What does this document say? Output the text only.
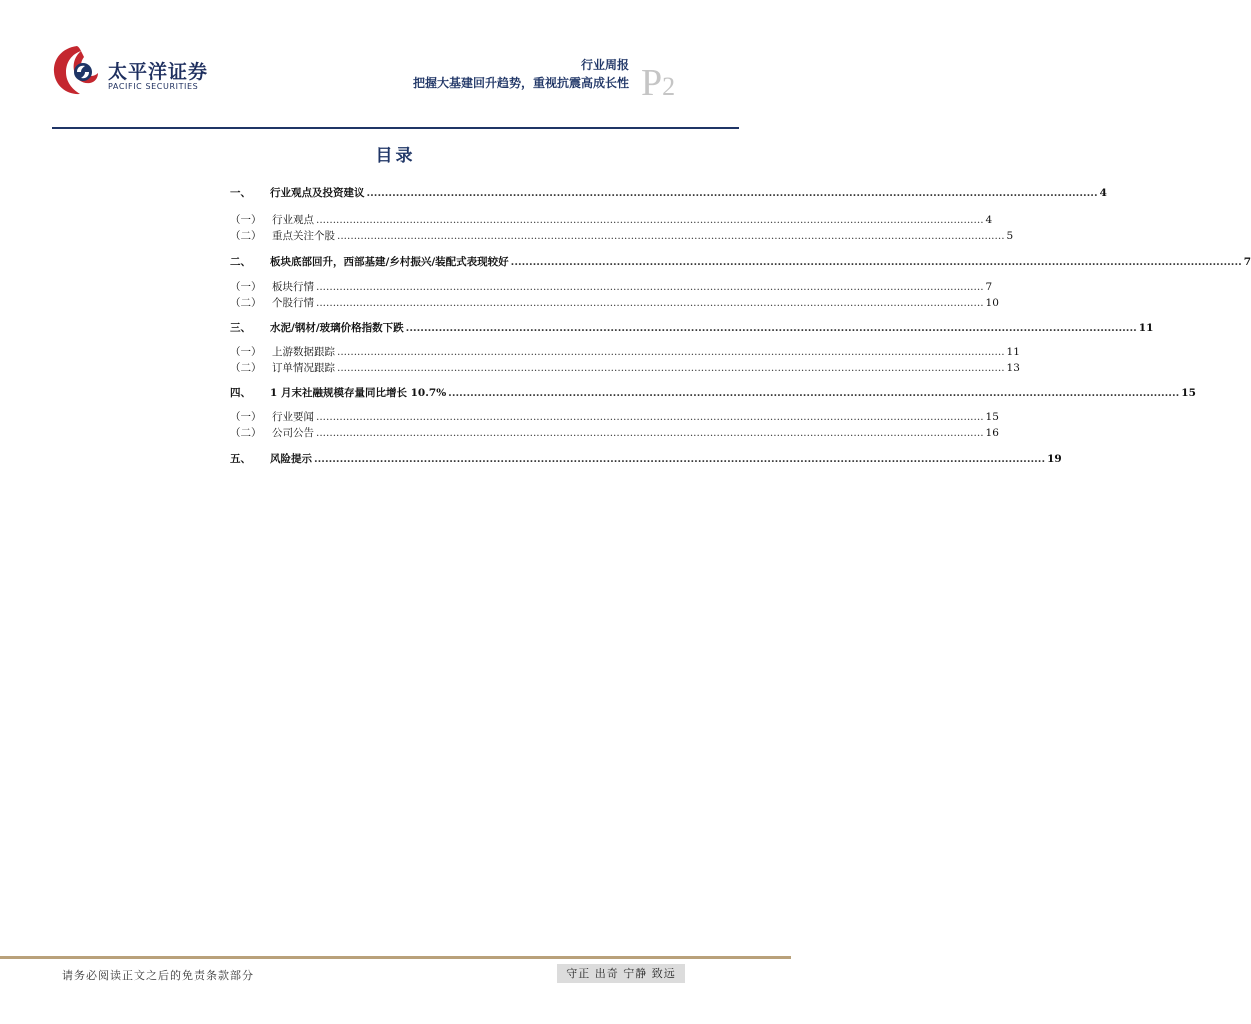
太平洋证券
PACIFIC SECURITIES
行业周报
把握大基建回升趋势，重视抗震高成长性 P2
目录
一、	行业观点及投资建议 ........................................................................................................................................................................................................ 4
（一）	行业观点 ........................................................................................................................................................................................................ 4
（二）	重点关注个股 ........................................................................................................................................................................................................ 5
二、	板块底部回升，西部基建/乡村振兴/装配式表现较好 ........................................................................................................................................................................................................ 7
（一）	板块行情 ........................................................................................................................................................................................................ 7
（二）	个股行情 ........................................................................................................................................................................................................ 10
三、	水泥/钢材/玻璃价格指数下跌 ........................................................................................................................................................................................................ 11
（一）	上游数据跟踪 ........................................................................................................................................................................................................ 11
（二）	订单情况跟踪 ........................................................................................................................................................................................................ 13
四、	1 月末社融规模存量同比增长 10.7% ........................................................................................................................................................................................................ 15
（一）	行业要闻 ........................................................................................................................................................................................................ 15
（二）	公司公告 ........................................................................................................................................................................................................ 16
五、	风险提示 ........................................................................................................................................................................................................ 19
请务必阅读正文之后的免责条款部分	守正 出奇 宁静 致远
